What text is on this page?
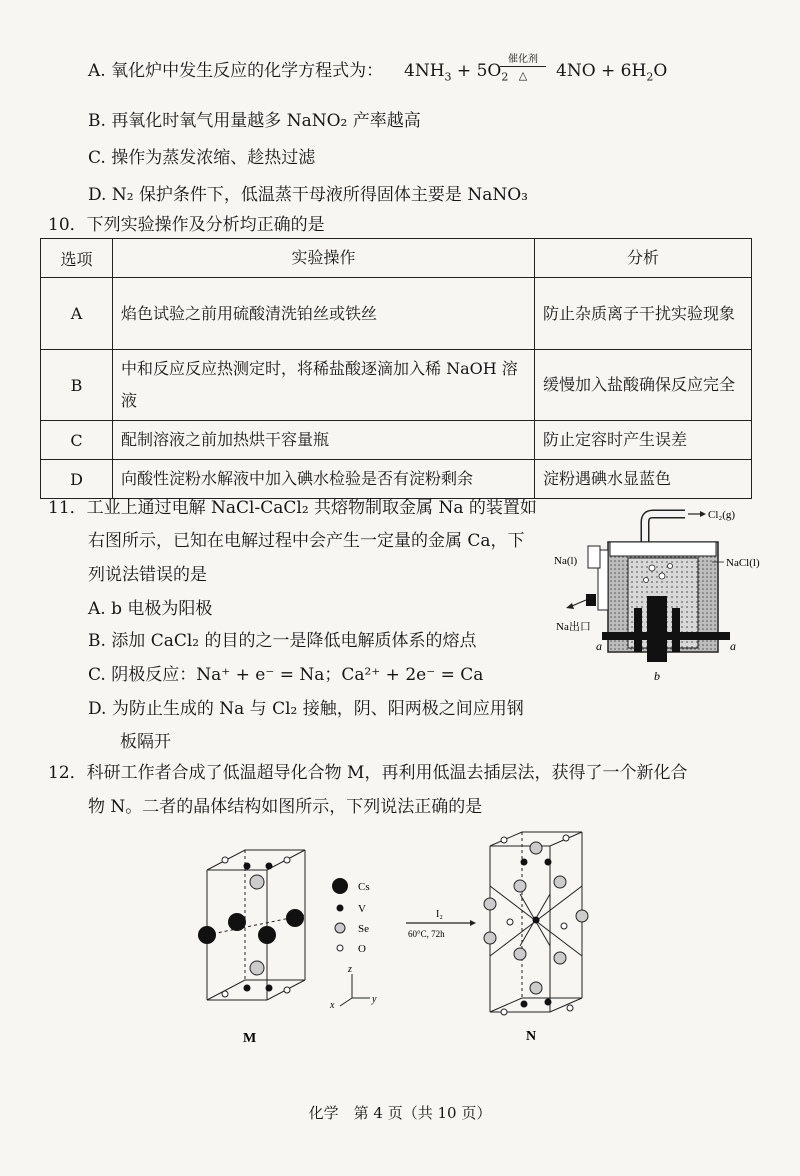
A. 氧化炉中发生反应的化学方程式为： $4NH_3 + 5O_2$
催化剂
△	$4NO + 6H_2O$
B. 再氧化时氧气用量越多 NaNO₂ 产率越高
C. 操作为蒸发浓缩、趁热过滤
D. N₂ 保护条件下，低温蒸干母液所得固体主要是 NaNO₃
10．下列实验操作及分析均正确的是
选项	实验操作	分析
A	焰色试验之前用硫酸清洗铂丝或铁丝	防止杂质离子干扰实验现象
B	中和反应反应热测定时，将稀盐酸逐滴加入稀 NaOH 溶液	缓慢加入盐酸确保反应完全
C	配制溶液之前加热烘干容量瓶	防止定容时产生误差
D	向酸性淀粉水解液中加入碘水检验是否有淀粉剩余	淀粉遇碘水显蓝色
11．工业上通过电解 NaCl-CaCl₂ 共熔物制取金属 Na 的装置如
右图所示，已知在电解过程中会产生一定量的金属 Ca，下
列说法错误的是
A. b 电极为阳极
B. 添加 CaCl₂ 的目的之一是降低电解质体系的熔点
C. 阴极反应：Na⁺ + e⁻ = Na；Ca²⁺ + 2e⁻ = Ca
D. 为防止生成的 Na 与 Cl₂ 接触，阴、阳两极之间应用钢
板隔开
Cl₂(g)
Na(l)	NaCl(l)
Na出口
a	a
b
12．科研工作者合成了低温超导化合物 M，再利用低温去插层法，获得了一个新化合
物 N。二者的晶体结构如图所示，下列说法正确的是
M
Cs
V
Se
O
z
y
x
I₂
60°C, 72h
N
化学　第 4 页（共 10 页）
